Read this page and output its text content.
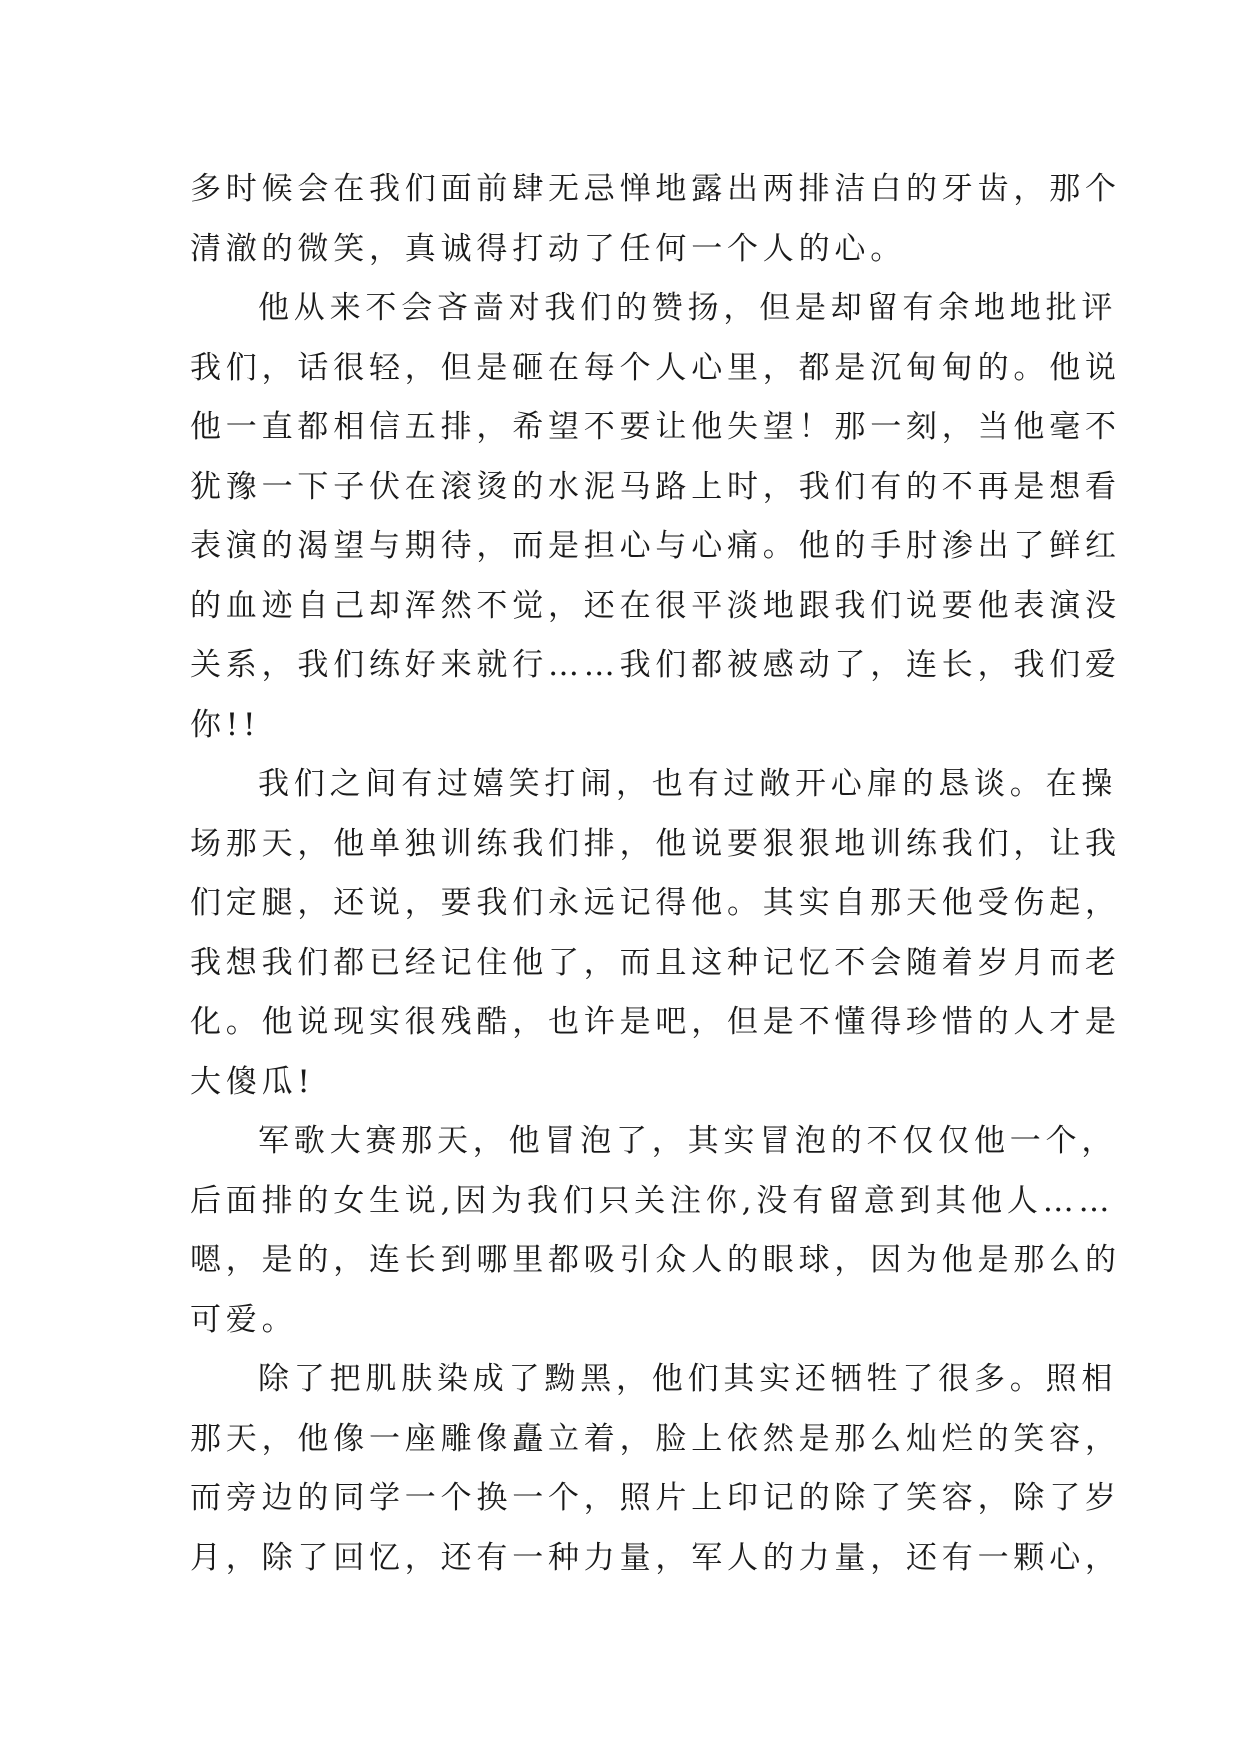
多时候会在我们面前肆无忌惮地露出两排洁白的牙齿，那个
清澈的微笑，真诚得打动了任何一个人的心。
他从来不会吝啬对我们的赞扬，但是却留有余地地批评
我们，话很轻，但是砸在每个人心里，都是沉甸甸的。他说
他一直都相信五排，希望不要让他失望！那一刻，当他毫不
犹豫一下子伏在滚烫的水泥马路上时，我们有的不再是想看
表演的渴望与期待，而是担心与心痛。他的手肘渗出了鲜红
的血迹自己却浑然不觉，还在很平淡地跟我们说要他表演没
关系，我们练好来就行……我们都被感动了，连长，我们爱
你!!
我们之间有过嬉笑打闹，也有过敞开心扉的恳谈。在操
场那天，他单独训练我们排，他说要狠狠地训练我们，让我
们定腿，还说，要我们永远记得他。其实自那天他受伤起，
我想我们都已经记住他了，而且这种记忆不会随着岁月而老
化。他说现实很残酷，也许是吧，但是不懂得珍惜的人才是
大傻瓜!
军歌大赛那天，他冒泡了，其实冒泡的不仅仅他一个，
后面排的女生说,因为我们只关注你,没有留意到其他人……
嗯，是的，连长到哪里都吸引众人的眼球，因为他是那么的
可爱。
除了把肌肤染成了黝黑，他们其实还牺牲了很多。照相
那天，他像一座雕像矗立着，脸上依然是那么灿烂的笑容，
而旁边的同学一个换一个，照片上印记的除了笑容，除了岁
月，除了回忆，还有一种力量，军人的力量，还有一颗心，
